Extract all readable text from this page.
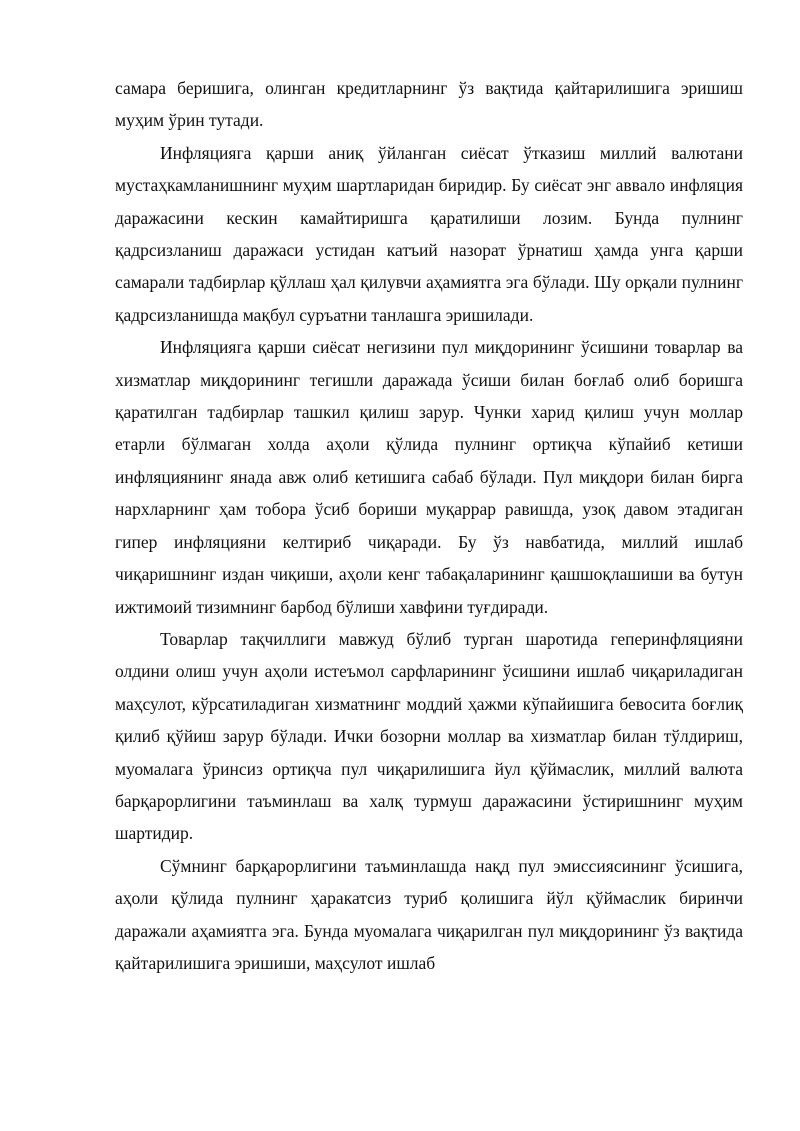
самара беришига, олинган кредитларнинг ўз вақтида қайтарилишига эришиш муҳим ўрин тутади.

Инфляцияга қарши аниқ ўйланган сиёсат ўтказиш миллий валютани мустаҳкамланишнинг муҳим шартларидан биридир. Бу сиёсат энг аввало инфляция даражасини кескин камайтиришга қаратилиши лозим. Бунда пулнинг қадрсизланиш даражаси устидан катъий назорат ўрнатиш ҳамда унга қарши самарали тадбирлар қўллаш ҳал қилувчи аҳамиятга эга бўлади. Шу орқали пулнинг қадрсизланишда мақбул суръатни танлашга эришилади.

Инфляцияга қарши сиёсат негизини пул миқдорининг ўсишини товарлар ва хизматлар миқдорининг тегишли даражада ўсиши билан боғлаб олиб боришга қаратилган тадбирлар ташкил қилиш зарур. Чунки харид қилиш учун моллар етарли бўлмаган холда аҳоли қўлида пулнинг ортиқча кўпайиб кетиши инфляциянинг янада авж олиб кетишига сабаб бўлади. Пул миқдори билан бирга нархларнинг ҳам тобора ўсиб бориши муқаррар равишда, узоқ давом этадиган гипер инфляцияни келтириб чиқаради. Бу ўз навбатида, миллий ишлаб чиқаришнинг издан чиқиши, аҳоли кенг табақаларининг қашшоқлашиши ва бутун ижтимоий тизимнинг барбод бўлиши хавфини туғдиради.

Товарлар тақчиллиги мавжуд бўлиб турган шаротида геперинфляцияни олдини олиш учун аҳоли истеъмол сарфларининг ўсишини ишлаб чиқариладиган маҳсулот, кўрсатиладиган хизматнинг моддий ҳажми кўпайишига бевосита боғлиқ қилиб қўйиш зарур бўлади. Ички бозорни моллар ва хизматлар билан тўлдириш, муомалага ўринсиз ортиқча пул чиқарилишига йул қўймаслик, миллий валюта барқарорлигини таъминлаш ва халқ турмуш даражасини ўстиришнинг муҳим шартидир.

Сўмнинг барқарорлигини таъминлашда нақд пул эмиссиясининг ўсишига, аҳоли қўлида пулнинг ҳаракатсиз туриб қолишига йўл қўймаслик биринчи даражали аҳамиятга эга. Бунда муомалага чиқарилган пул миқдорининг ўз вақтида қайтарилишига эришиши, маҳсулот ишлаб
